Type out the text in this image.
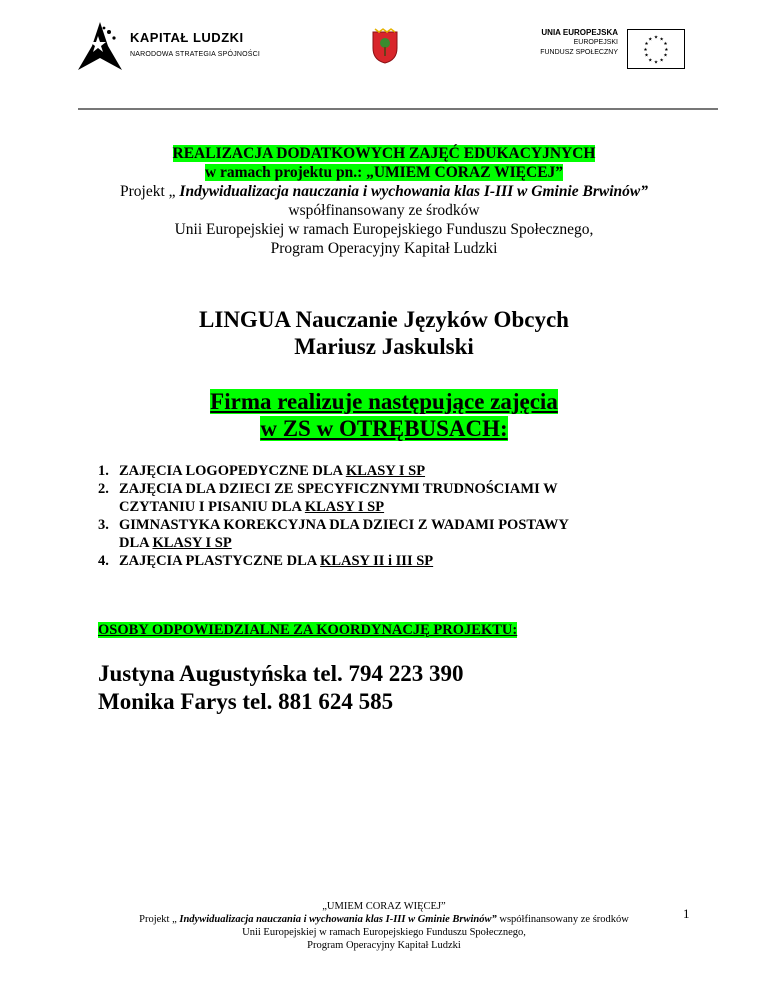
KAPITAŁ LUDZKI
NARODOWA STRATEGIA SPÓJNOŚCI
UNIA EUROPEJSKA
EUROPEJSKI
FUNDUSZ SPOŁECZNY
★ ★
★
★
★
★
★
★
★
★
★
★
REALIZACJA DODATKOWYCH ZAJĘĆ EDUKACYJNYCH
w ramach projektu pn.: „UMIEM CORAZ WIĘCEJ”
Projekt „ Indywidualizacja nauczania i wychowania klas I-III w Gminie Brwinów”
współfinansowany ze środków
Unii Europejskiej w ramach Europejskiego Funduszu Społecznego,
Program Operacyjny Kapitał Ludzki
LINGUA Nauczanie Języków Obcych
Mariusz Jaskulski
Firma realizuje następujące zajęcia
w ZS w OTRĘBUSACH:
1. ZAJĘCIA LOGOPEDYCZNE DLA KLASY I SP
2. ZAJĘCIA DLA DZIECI ZE SPECYFICZNYMI TRUDNOŚCIAMI W
CZYTANIU I PISANIU DLA KLASY I SP
3. GIMNASTYKA KOREKCYJNA DLA DZIECI Z WADAMI POSTAWY
DLA KLASY I SP
4. ZAJĘCIA PLASTYCZNE DLA KLASY II i III SP
OSOBY ODPOWIEDZIALNE ZA KOORDYNACJĘ PROJEKTU:
Justyna Augustyńska tel. 794 223 390
Monika Farys tel. 881 624 585
„UMIEM CORAZ WIĘCEJ”
Projekt „ Indywidualizacja nauczania i wychowania klas I-III w Gminie Brwinów” współfinansowany ze środków
Unii Europejskiej w ramach Europejskiego Funduszu Społecznego,
Program Operacyjny Kapitał Ludzki
1
